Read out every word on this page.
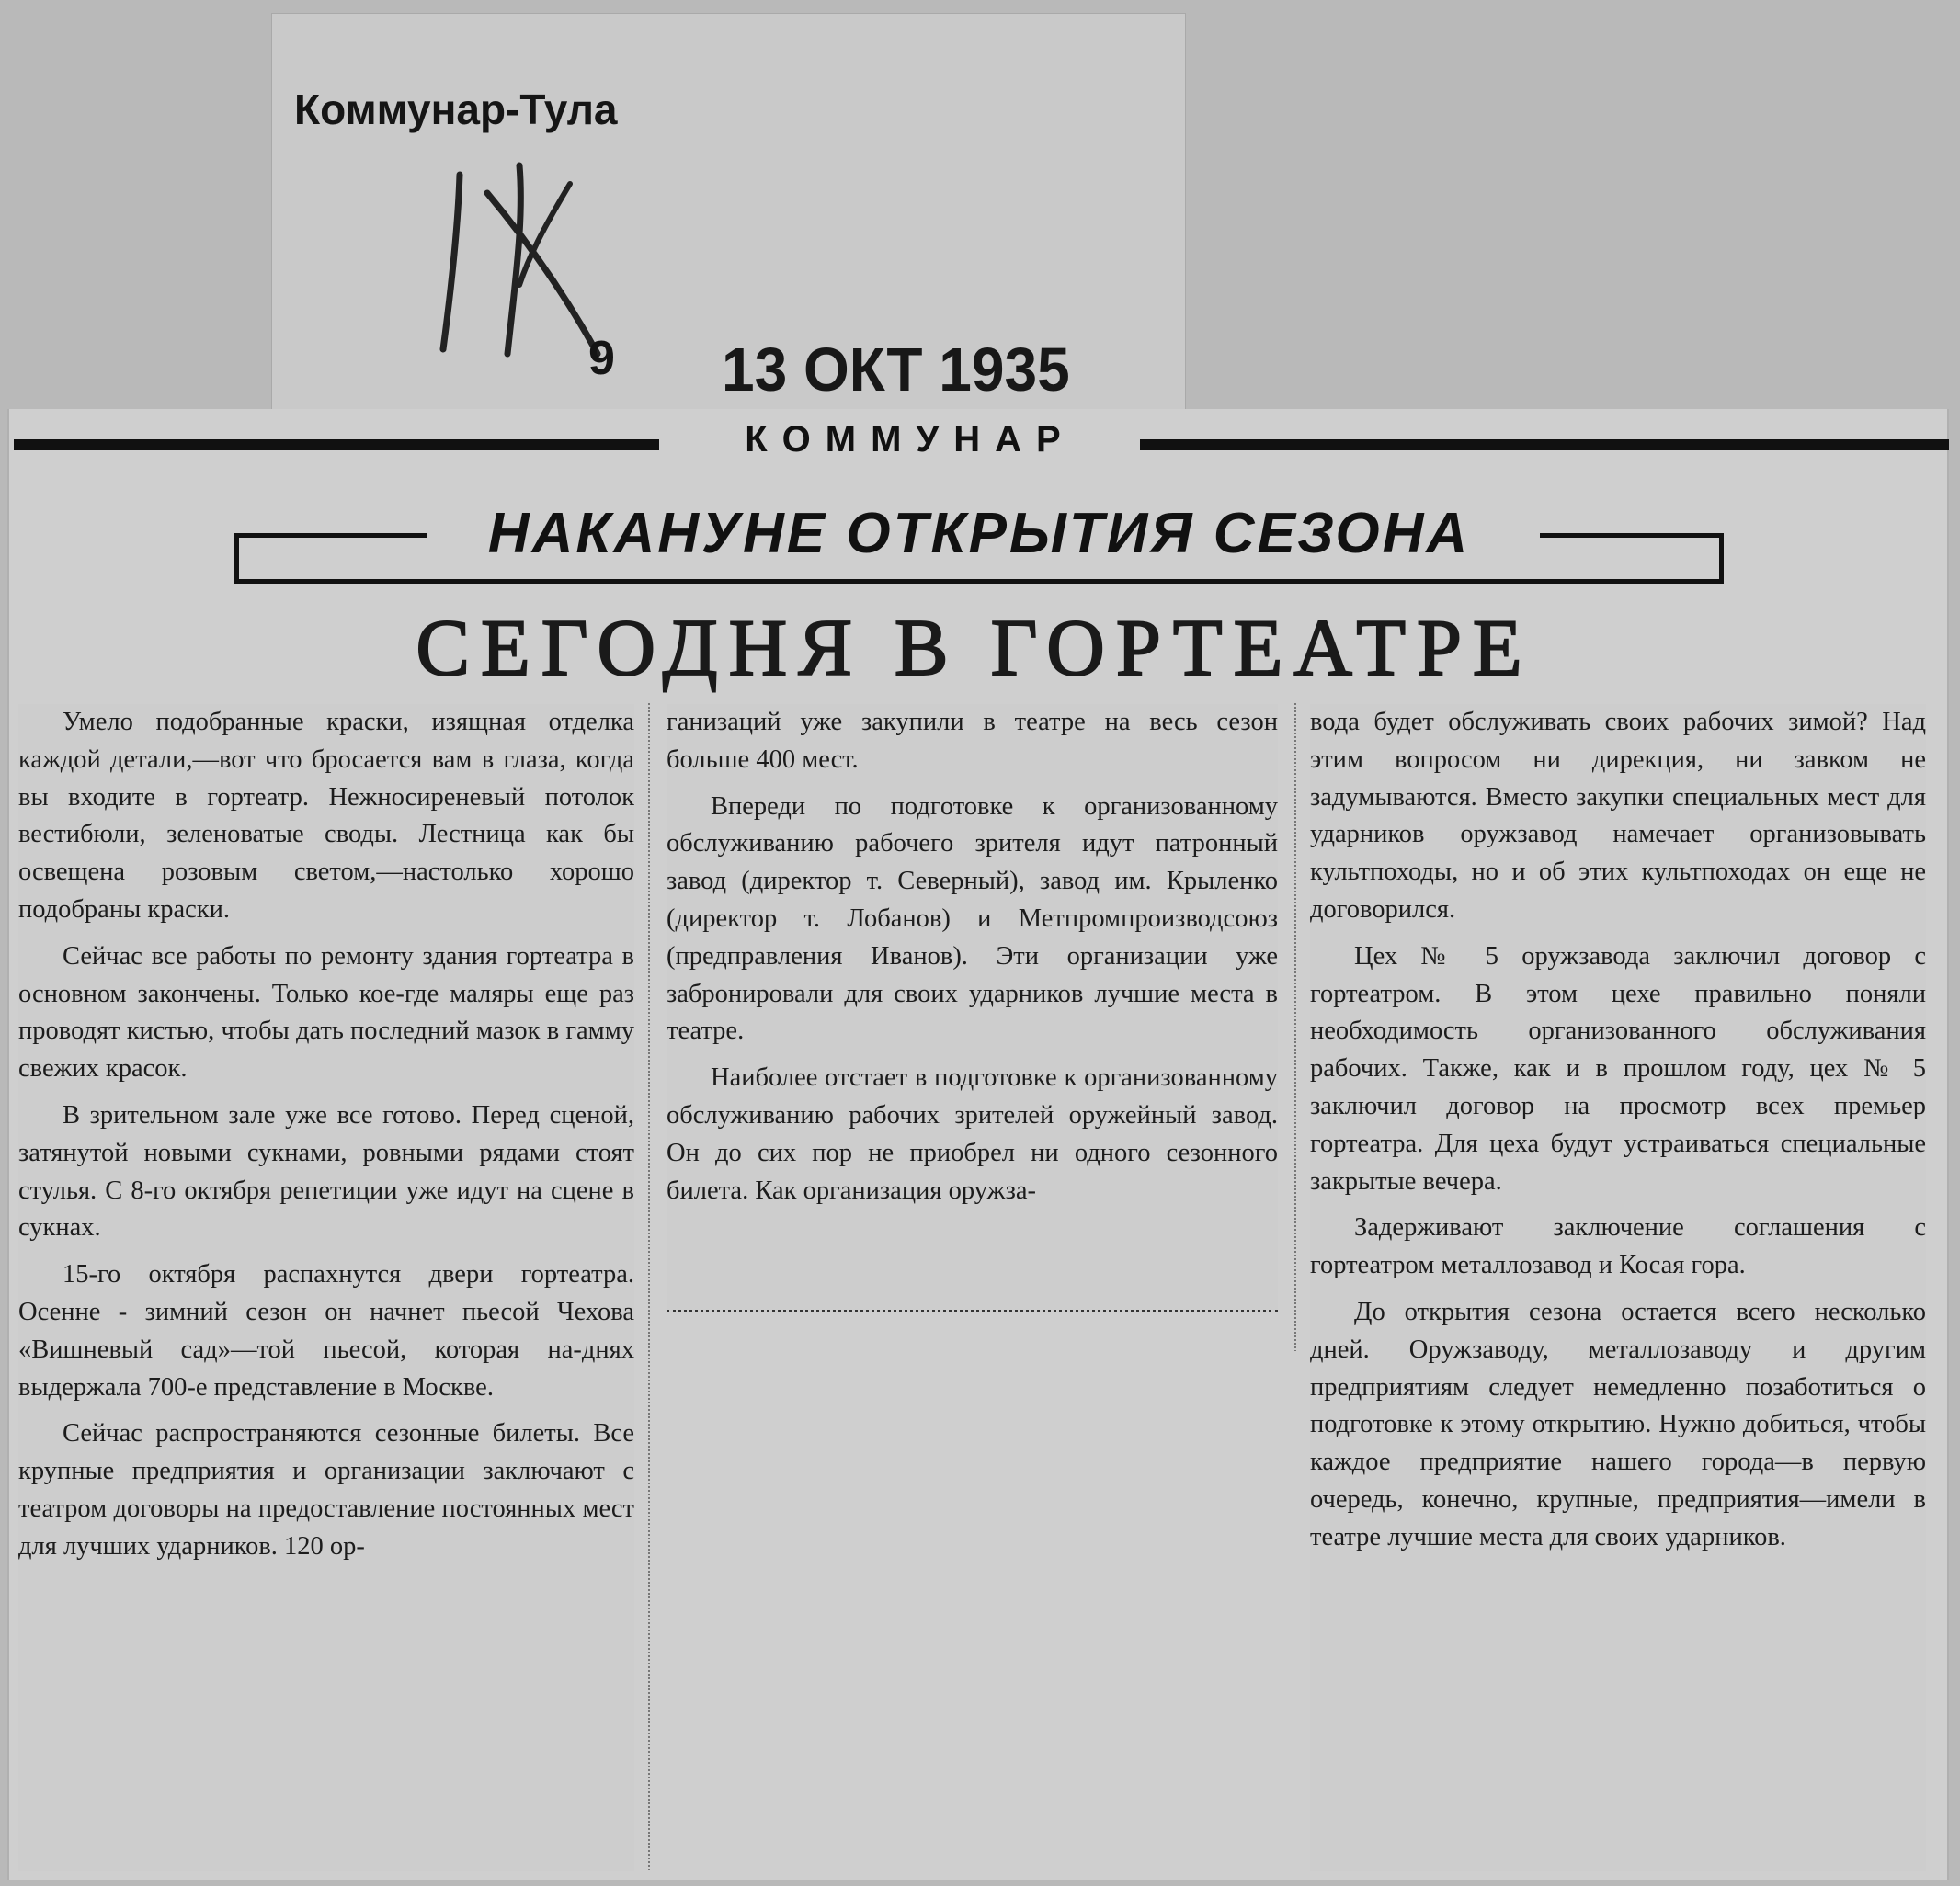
Коммунар-Тула
9	13 ОКТ 1935
КОММУНАР
НАКАНУНЕ ОТКРЫТИЯ СЕЗОНА
СЕГОДНЯ В ГОРТЕАТРЕ

Умело подобранные краски, изящная отделка каждой детали,—вот что бросается вам в глаза, когда вы входите в гортеатр. Нежносиреневый потолок вестибюли, зеленоватые своды. Лестница как бы освещена розовым светом,—настолько хорошо подобраны краски.

Сейчас все работы по ремонту здания гортеатра в основном закончены. Только кое-где маляры еще раз проводят кистью, чтобы дать последний мазок в гамму свежих красок.

В зрительном зале уже все готово. Перед сценой, затянутой новыми сукнами, ровными рядами стоят стулья. С 8-го октября репетиции уже идут на сцене в сукнах.

15-го октября распахнутся двери гортеатра. Осенне - зимний сезон он начнет пьесой Чехова «Вишневый сад»—той пьесой, которая на-днях выдержала 700-е представление в Москве.

Сейчас распространяются сезонные билеты. Все крупные предприятия и организации заключают с театром договоры на предоставление постоянных мест для лучших ударников. 120 ор-

ганизаций уже закупили в театре на весь сезон больше 400 мест.

Впереди по подготовке к организованному обслуживанию рабочего зрителя идут патронный завод (директор т. Северный), завод им. Крыленко (директор т. Лобанов) и Метпромпроизводсоюз (предправления Иванов). Эти организации уже забронировали для своих ударников лучшие места в театре.

Наиболее отстает в подготовке к организованному обслуживанию рабочих зрителей оружейный завод. Он до сих пор не приобрел ни одного сезонного билета. Как организация оружза-

вода будет обслуживать своих рабочих зимой? Над этим вопросом ни дирекция, ни завком не задумываются. Вместо закупки специальных мест для ударников оружзавод намечает организовывать культпоходы, но и об этих культпоходах он еще не договорился.

Цех № 5 оружзавода заключил договор с гортеатром. В этом цехе правильно поняли необходимость организованного обслуживания рабочих. Также, как и в прошлом году, цех № 5 заключил договор на просмотр всех премьер гортеатра. Для цеха будут устраиваться специальные закрытые вечера.

Задерживают заключение соглашения с гортеатром металлозавод и Косая гора.

До открытия сезона остается всего несколько дней. Оружзаводу, металлозаводу и другим предприятиям следует немедленно позаботиться о подготовке к этому открытию. Нужно добиться, чтобы каждое предприятие нашего города—в первую очередь, конечно, крупные, предприятия—имели в театре лучшие места для своих ударников.
